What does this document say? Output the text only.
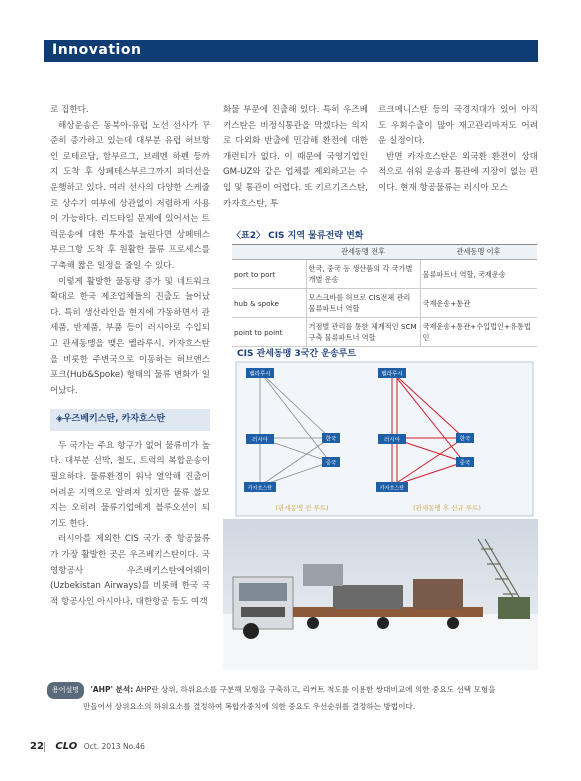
Innovation

로 집한다.

해상운송은 동북아-유럽 노선 선사가 꾸준히 증가하고 있는데 대부분 유럽 허브항인 로테르담, 함부르그, 브레멘 하펜 등까지 도착 후 상페테스부르그까지 피더선을 운행하고 있다. 여러 선사의 다양한 스케줄로 상수기 여부에 상관없이 저렴하게 사용이 가능하다. 리드타임 문제에 있어서는 트럭운송에 대한 투자를 늘린다면 상페테스부르그항 도착 후 원활한 물류 프로세스를 구축해 짧은 일정을 줄일 수 있다.

이렇게 활발한 물동량 증가 및 네트워크 확대로 한국 제조업체들의 진출도 늘어났다. 특히 생산라인을 현지에 가동하면서 관세품, 반제품, 부품 등이 러시아로 수입되고 관세동맹을 맺은 벨라루시, 카자흐스탄을 비롯한 주변국으로 이동하는 허브앤스포크(Hub&Spoke) 형태의 물류 변화가 일어났다.

◈우즈베키스탄, 카자흐스탄

두 국가는 주요 항구가 없어 물류비가 높다. 대부분 선박, 철도, 트럭의 복합운송이 필요하다. 물류환경이 워낙 열악해 진출이 어려운 지역으로 알려져 있지만 물류 불모지는 오히려 물류기업에게 블루오션이 되기도 한다.

러시아를 제외한 CIS 국가 중 항공물류가 가장 활발한 곳은 우즈베키스탄이다. 국영항공사 우즈베키스탄에어웨이(Uzbekistan Airways)를 비롯해 한국 국적 항공사인 아시아나, 대한항공 등도 여객

화물 부문에 진출해 있다. 특히 우즈베키스탄은 비정식통관을 막겠다는 의지로 다외화 반출에 민감해 환전에 대한 개런티가 없다. 이 때문에 국영기업인 GM-UZ와 같은 업체를 제외하고는 수입 및 통관이 어렵다. 또 키르기즈스탄, 카자흐스탄, 투

르크메니스탄 등의 국경지대가 있어 아직도 우회수출이 많아 재고관리마저도 어려운 실정이다.

반면 카자흐스탄은 외국환 환전이 상대적으로 쉬워 운송과 통관에 지장이 없는 편이다. 현재 항공물류는 러시아 모스

〈표2〉 CIS 지역 물류전략 변화
	관세동맹 전후	관세동맹 이후
port to port	한국, 중국 등 생산품의 각 국가별 개별 운송	물류파트너 역할, 국제운송
hub & spoke	모스크바를 허브로 CIS전체 관리 물류파트너 역할	국제운송+통관
point to point	거점별 관리를 통한 체계적인 SCM구축 물류파트너 역할	국제운송+통관+수입법인+유통법인
CIS 관세동맹 3국간 운송루트
벨라루시
러시아
카자흐스탄
한국
중국
(관세동맹 전 루트)
벨라루시
러시아
카자흐스탄
한국
중국
(관세동맹 후 신규 루트)
용어설명 'AHP' 분석: AHP란 상위, 하위요소를 구분해 모형을 구축하고, 리커트 척도를 이용한 쌍대비교에 의한 중요도 선택 모형을
만들어서 상위요소의 하위요소를 결정하여 복합가중치에 의한 중요도 우선순위를 결정하는 방법이다.
22 CLO Oct. 2013 No.46
